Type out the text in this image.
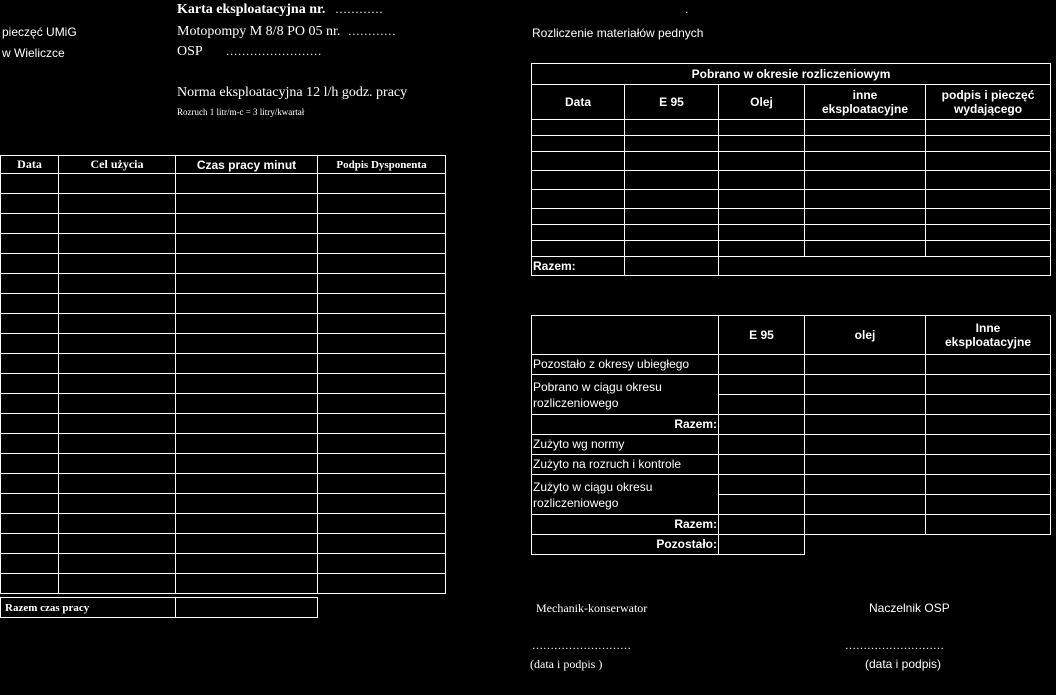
Karta eksploatacyjna nr. …………	.
pieczęć UMiG
w Wieliczce
Motopompy M 8/8 PO 05 nr. …………
OSP ……………………
Norma eksploatacyjna 12 l/h godz. pracy
Rozruch 1 litr/m-c = 3 litry/kwartał
Rozliczenie materiałów pednych
Data	Cel użycia	Czas pracy minut	Podpis Dysponenta

Razem czas pracy	
Pobrano w okresie rozliczeniowym				
Data	E 95	Olej	inne eksploatacyjne	podpis i pieczęć wydającego

Razem:				
	E 95	olej	Inne eksploatacyjne
Pozostało z okresy ubiegłego			
Pobrano w ciągu okresu rozliczeniowego			

Razem:			
Zużyto wg normy			
Zużyto na rozruch i kontrole			
Zużyto w ciągu okresu rozliczeniowego			

Razem:			
Pozostało:			
Mechanik-konserwator
………………………
(data i podpis )
Naczelnik OSP
………………………
(data i podpis)
